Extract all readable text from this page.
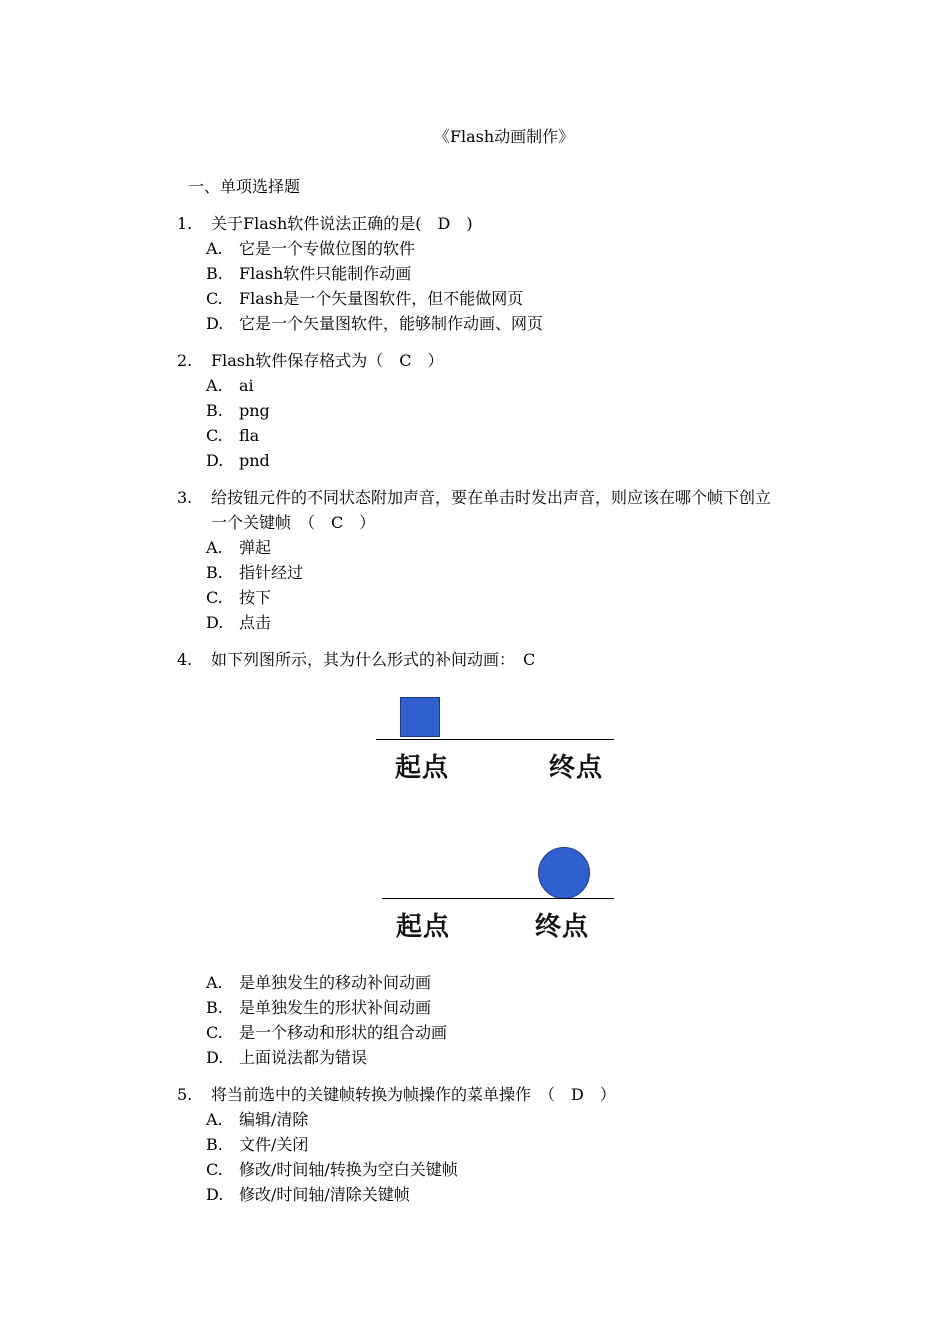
《Flash动画制作》
一、单项选择题
1. 关于Flash软件说法正确的是(　D　)
A. 它是一个专做位图的软件
B. Flash软件只能制作动画
C. Flash是一个矢量图软件，但不能做网页
D. 它是一个矢量图软件，能够制作动画、网页
2. Flash软件保存格式为（　C　）
A. ai
B. png
C. fla
D. pnd
3. 给按钮元件的不同状态附加声音，要在单击时发出声音，则应该在哪个帧下创立
一个关键帧　（　C　）
A. 弹起
B. 指针经过
C. 按下
D. 点击
4. 如下列图所示，其为什么形式的补间动画：　C
起点	终点
起点	终点
A. 是单独发生的移动补间动画
B. 是单独发生的形状补间动画
C. 是一个移动和形状的组合动画
D. 上面说法都为错误
5. 将当前选中的关键帧转换为帧操作的菜单操作　（　D　）
A. 编辑/清除
B. 文件/关闭
C. 修改/时间轴/转换为空白关键帧
D. 修改/时间轴/清除关键帧
